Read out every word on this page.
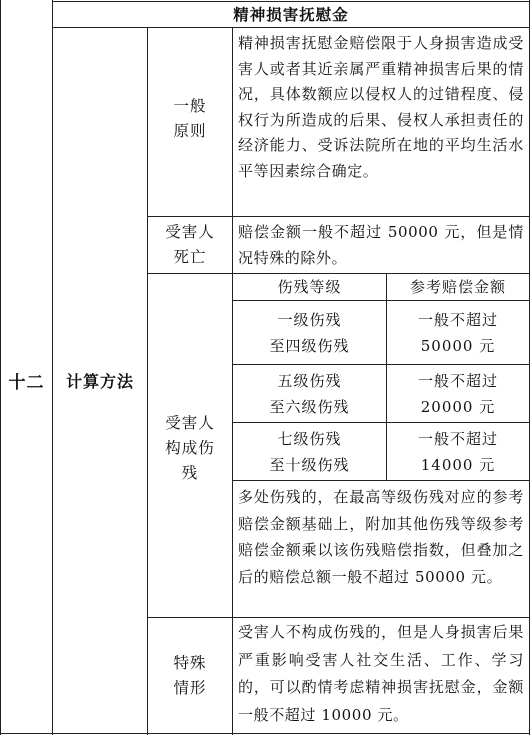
精神损害抚慰金
十二	计算方法
一般
原则
精神损害抚慰金赔偿限于人身损害造成受害人或者其近亲属严重精神损害后果的情况，具体数额应以侵权人的过错程度、侵权行为所造成的后果、侵权人承担责任的经济能力、受诉法院所在地的平均生活水平等因素综合确定。
受害人
死亡
赔偿金额一般不超过 50000 元，但是情况特殊的除外。
受害人
构成伤
残
伤残等级	参考赔偿金额
一级伤残
至四级伤残
一般不超过
50000 元
五级伤残
至六级伤残
一般不超过
20000 元
七级伤残
至十级伤残
一般不超过
14000 元
多处伤残的，在最高等级伤残对应的参考赔偿金额基础上，附加其他伤残等级参考赔偿金额乘以该伤残赔偿指数，但叠加之后的赔偿总额一般不超过 50000 元。
特殊
情形
受害人不构成伤残的，但是人身损害后果严重影响受害人社交生活、工作、学习的，可以酌情考虑精神损害抚慰金，金额一般不超过 10000 元。
